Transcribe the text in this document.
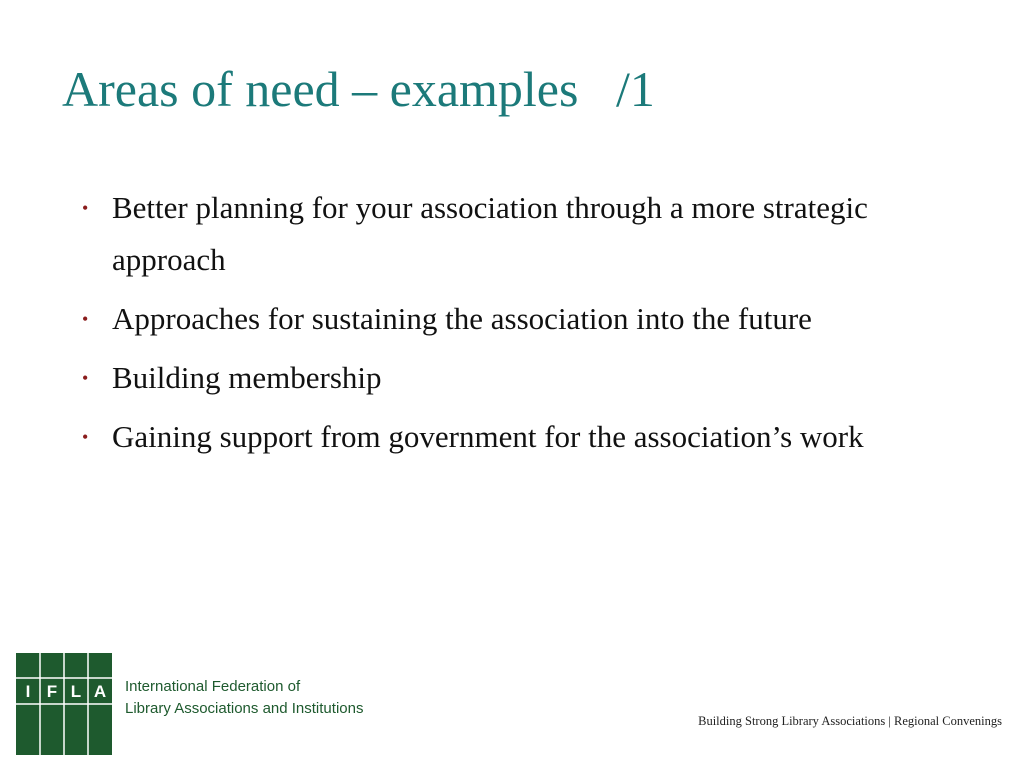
Areas of need – examples   /1
• Better planning for your association through a more strategic approach
• Approaches for sustaining the association into the future
• Building membership
• Gaining support from government for the association’s work
I F L A International Federation of
Library Associations and Institutions
Building Strong Library Associations | Regional Convenings
